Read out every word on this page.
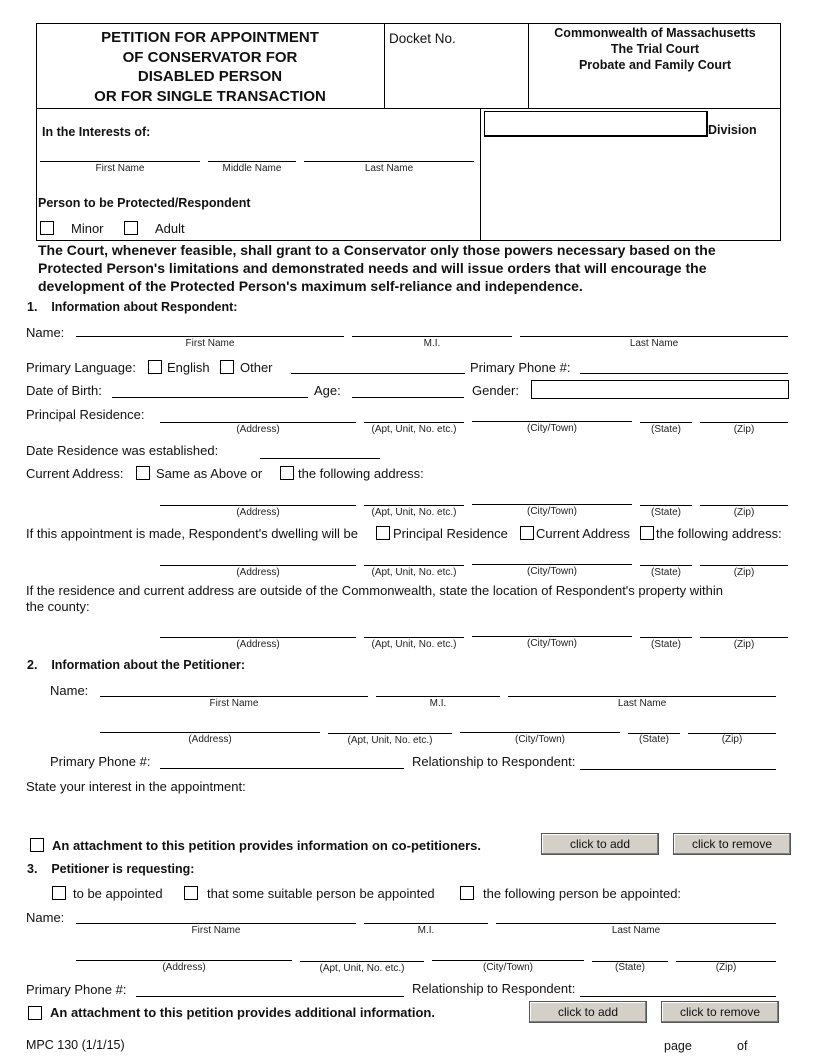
PETITION FOR APPOINTMENT
OF CONSERVATOR FOR
DISABLED PERSON
OR FOR SINGLE TRANSACTION
Docket No.	Commonwealth of Massachusetts
The Trial Court
Probate and Family Court
Division
In the Interests of:
First Name	Middle Name	Last Name
Person to be Protected/Respondent
Minor	Adult
The Court, whenever feasible, shall grant to a Conservator only those powers necessary based on the
Protected Person's limitations and demonstrated needs and will issue orders that will encourage the
development of the Protected Person's maximum self-reliance and independence.
1.    Information about Respondent:
Name:
First Name	M.I.	Last Name
Primary Language: English Other	Primary Phone #:
Date of Birth:	Age:	Gender:
Principal Residence:
(Address)	(Apt, Unit, No. etc.)	(City/Town)	(State)	(Zip)
Date Residence was established:
Current Address: Same as Above or	the following address:
(Address)	(Apt, Unit, No. etc.)	(City/Town)	(State)	(Zip)
If this appointment is made, Respondent's dwelling will be	Principal Residence Current Address the following address:
(Address)	(Apt, Unit, No. etc.)	(City/Town)	(State)	(Zip)
If the residence and current address are outside of the Commonwealth, state the location of Respondent's property within
the county:
(Address)	(Apt, Unit, No. etc.)	(City/Town)	(State)	(Zip)
2.    Information about the Petitioner:
Name:
First Name	M.I.	Last Name
(Address)	(Apt, Unit, No. etc.)	(City/Town)	(State)	(Zip)
Primary Phone #:	Relationship to Respondent:
State your interest in the appointment:
An attachment to this petition provides information on co-petitioners.	click to add	click to remove
3.    Petitioner is requesting:
to be appointed	that some suitable person be appointed	the following person be appointed:
Name:
First Name	M.I.	Last Name
(Address)	(Apt, Unit, No. etc.)	(City/Town)	(State)	(Zip)
Primary Phone #:	Relationship to Respondent:
An attachment to this petition provides additional information.	click to add	click to remove
MPC 130 (1/1/15)	page	of
